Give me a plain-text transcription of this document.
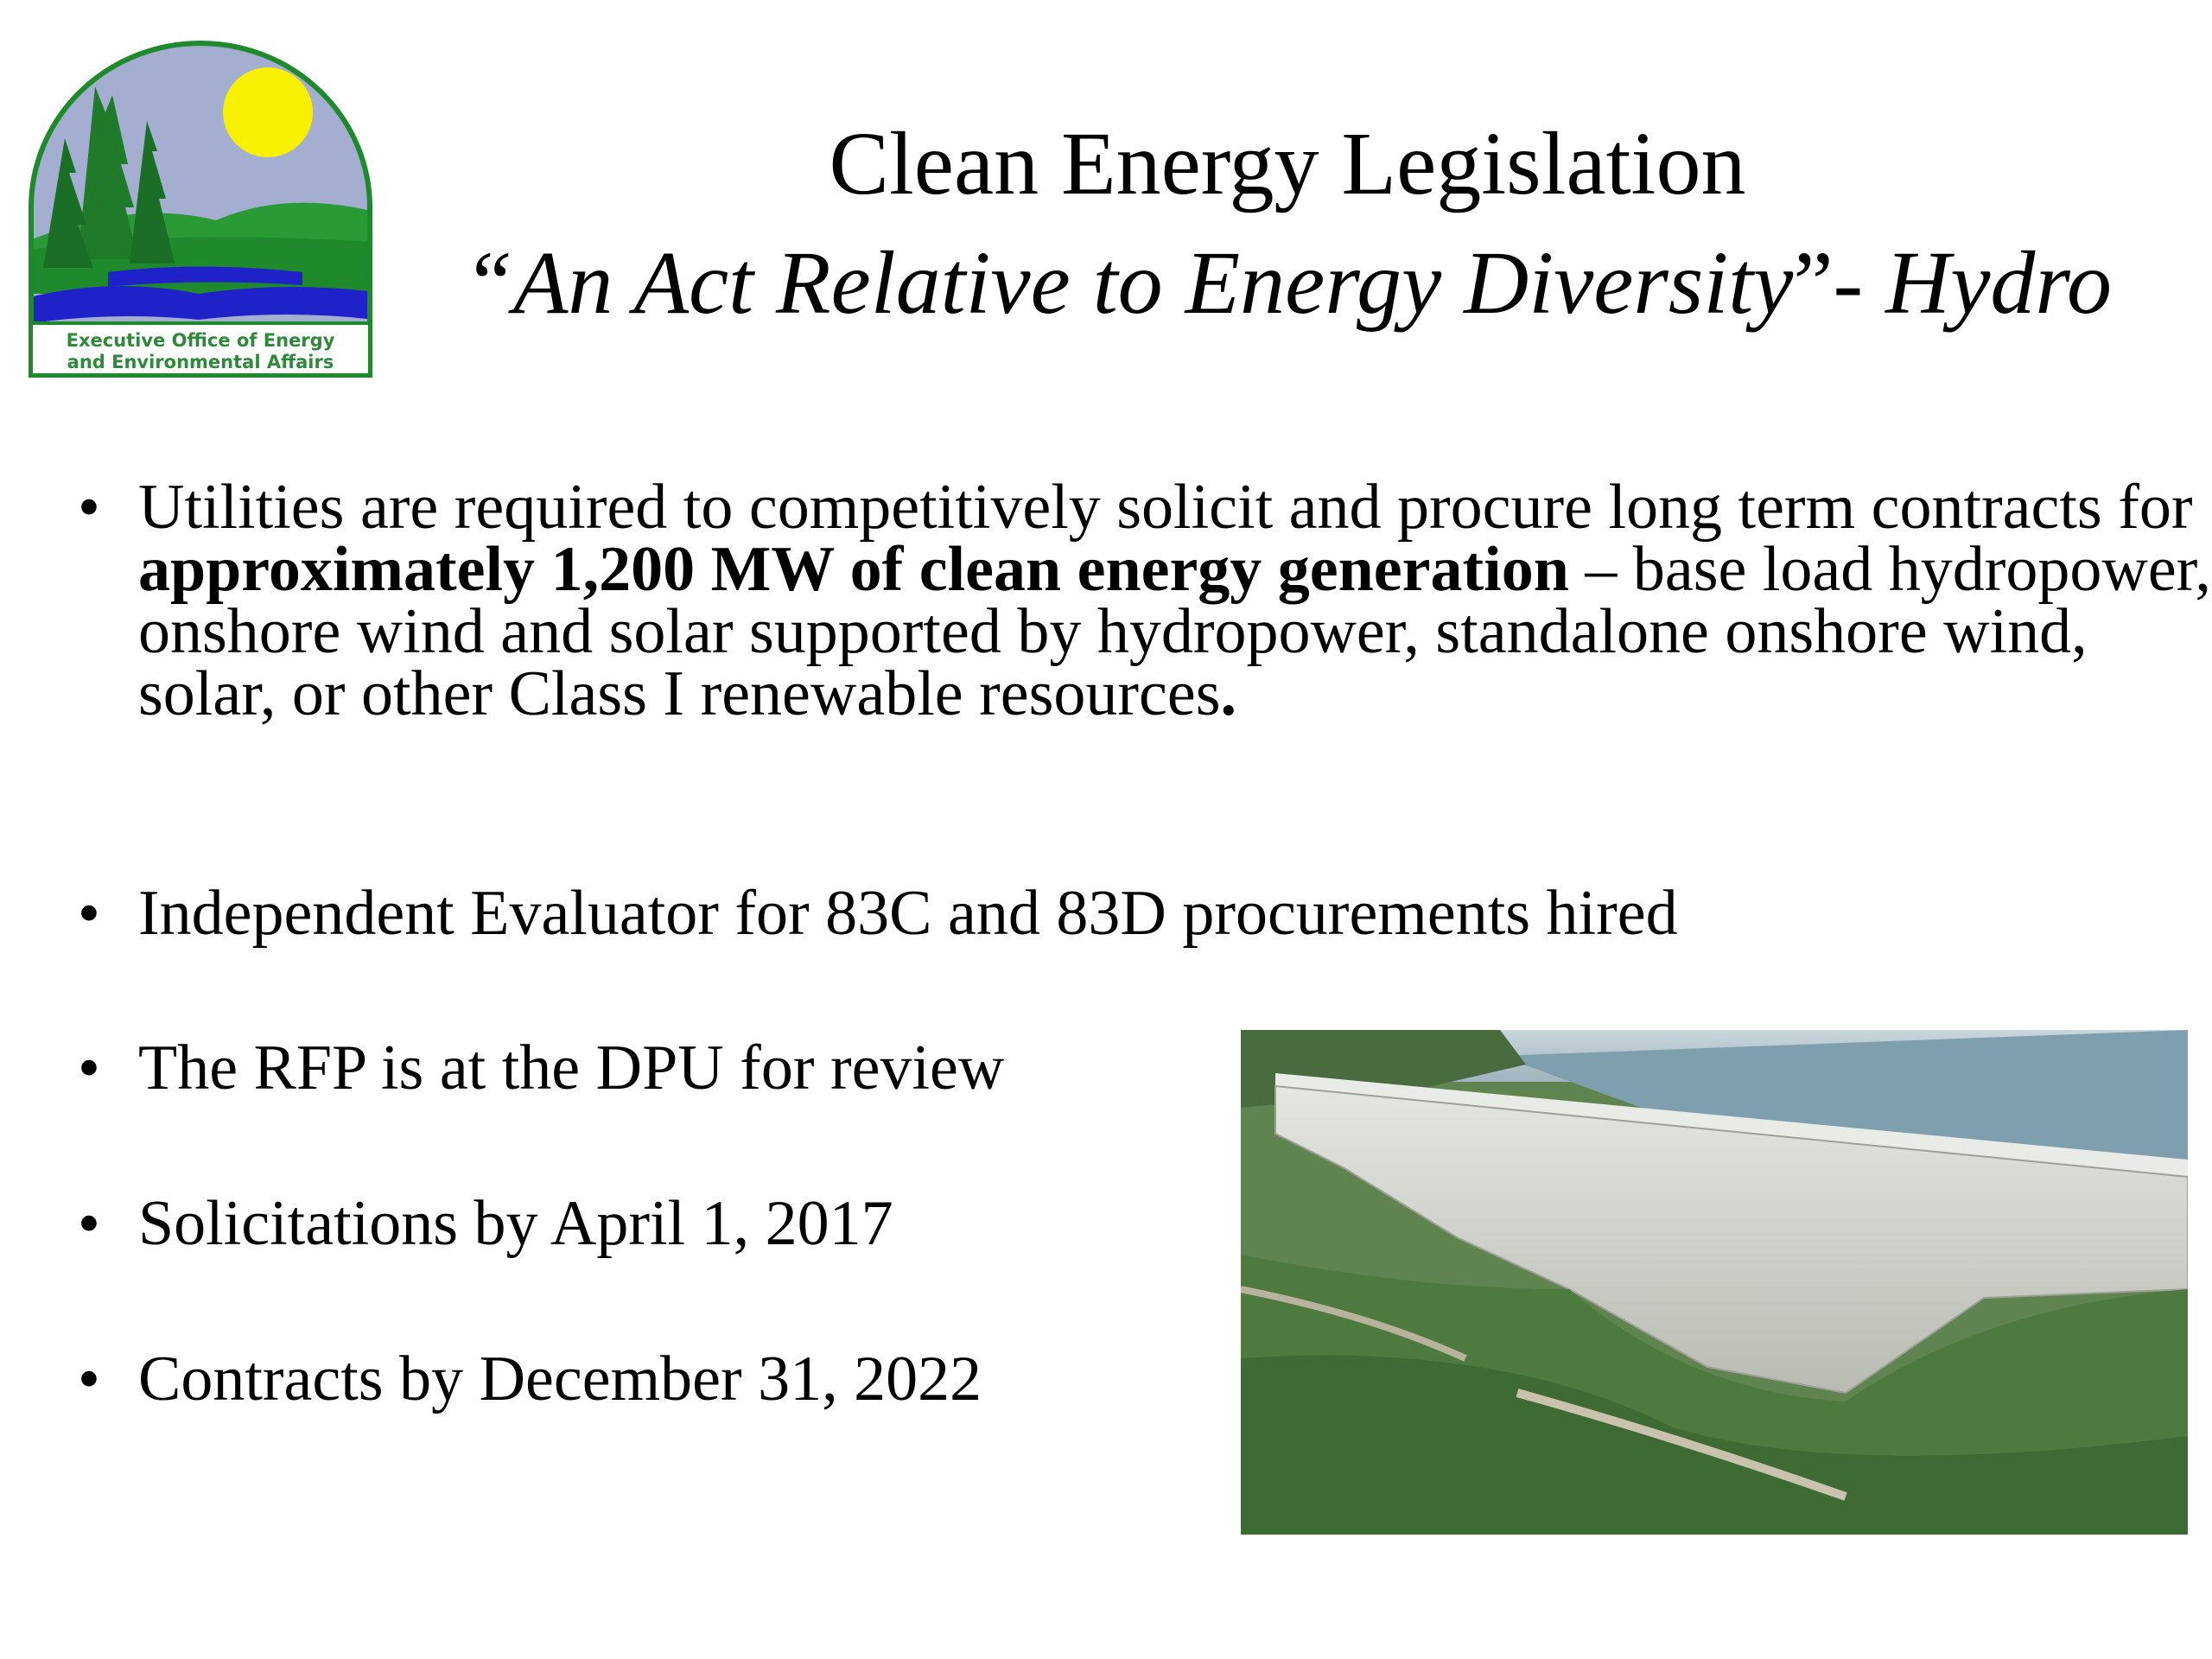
Executive Office of Energy
and Environmental Affairs
Clean Energy Legislation
“An Act Relative to Energy Diversity”- Hydro
• Utilities are required to competitively solicit and procure long term contracts for approximately 1,200 MW of clean energy generation – base load hydropower, onshore wind and solar supported by hydropower, standalone onshore wind, solar, or other Class I renewable resources.
• Independent Evaluator for 83C and 83D procurements hired
• The RFP is at the DPU for review
• Solicitations by April 1, 2017
• Contracts by December 31, 2022
